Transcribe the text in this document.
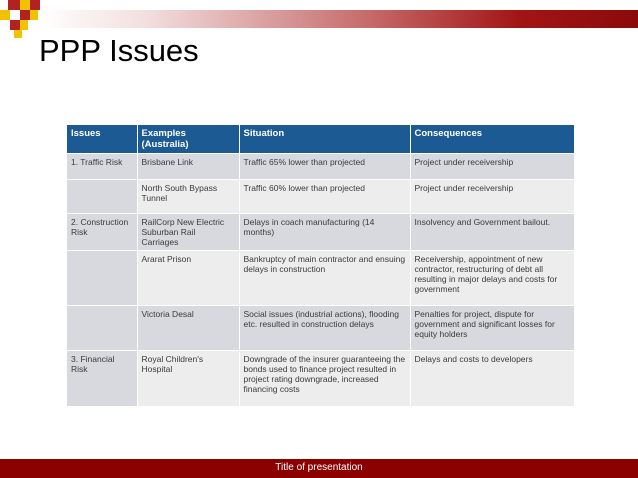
PPP Issues
Issues	Examples (Australia)	Situation	Consequences
1. Traffic Risk	Brisbane Link	Traffic 65% lower than projected	Project under receivership
	North South Bypass Tunnel	Traffic 60% lower than projected	Project under receivership
2. Construction Risk	RailCorp New Electric Suburban Rail Carriages	Delays in coach manufacturing (14 months)	Insolvency and Government bailout.
	Ararat Prison	Bankruptcy of main contractor and ensuing delays in construction	Receivership, appointment of new contractor, restructuring of debt all resulting in major delays and costs for government
	Victoria Desal	Social issues (industrial actions), flooding etc. resulted in construction delays	Penalties for project, dispute for government and significant losses for equity holders
3. Financial Risk	Royal Children's Hospital	Downgrade of the insurer guaranteeing the bonds used to finance project resulted in project rating downgrade, increased financing costs	Delays and costs to developers
Title of presentation
